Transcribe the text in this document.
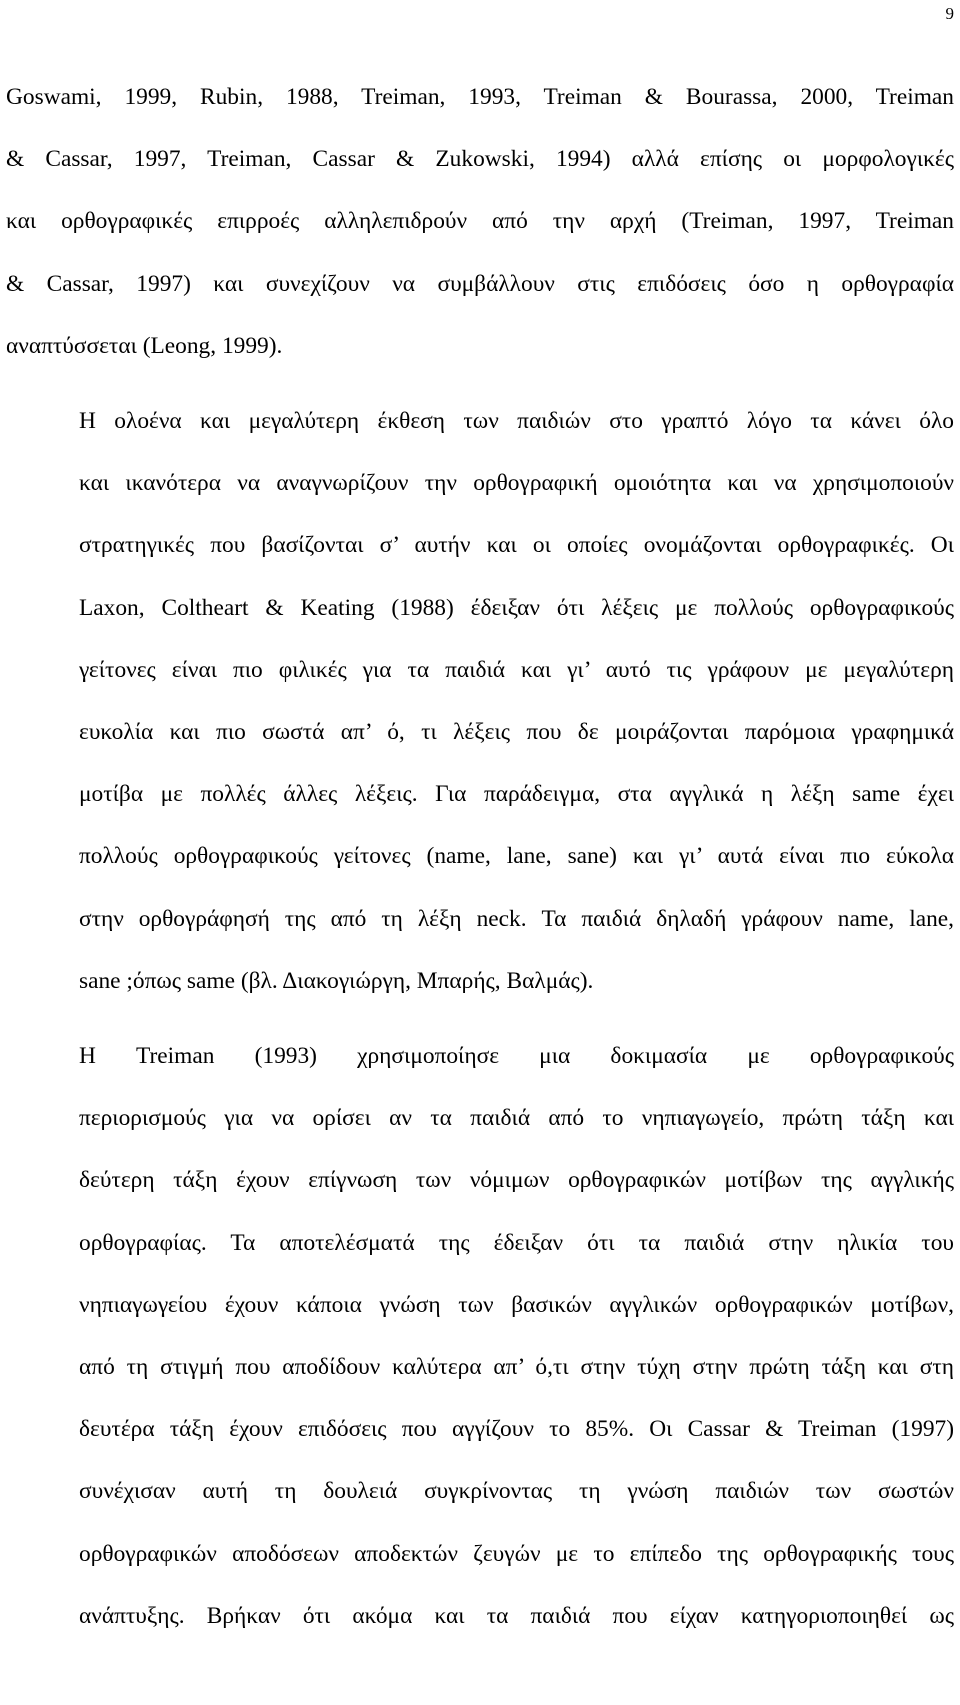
9

Goswami, 1999, Rubin, 1988, Treiman, 1993, Treiman & Bourassa, 2000, Treiman
& Cassar, 1997, Treiman, Cassar & Zukowski, 1994) αλλά επίσης οι μορφολογικές
και ορθογραφικές επιρροές αλληλεπιδρούν από την αρχή (Treiman, 1997, Treiman
& Cassar, 1997) και συνεχίζουν να συμβάλλουν στις επιδόσεις όσο η ορθογραφία
αναπτύσσεται (Leong, 1999).

Η ολοένα και μεγαλύτερη έκθεση των παιδιών στο γραπτό λόγο τα κάνει όλο
και ικανότερα να αναγνωρίζουν την ορθογραφική ομοιότητα και να χρησιμοποιούν
στρατηγικές που βασίζονται σ’ αυτήν και οι οποίες ονομάζονται ορθογραφικές. Οι
Laxon, Coltheart & Keating (1988) έδειξαν ότι λέξεις με πολλούς ορθογραφικούς
γείτονες είναι πιο φιλικές για τα παιδιά και γι’ αυτό τις γράφουν με μεγαλύτερη
ευκολία και πιο σωστά απ’ ό, τι λέξεις που δε μοιράζονται παρόμοια γραφημικά
μοτίβα με πολλές άλλες λέξεις. Για παράδειγμα, στα αγγλικά η λέξη same έχει
πολλούς ορθογραφικούς γείτονες (name, lane, sane) και γι’ αυτά είναι πιο εύκολα
στην ορθογράφησή της από τη λέξη neck. Τα παιδιά δηλαδή γράφουν name, lane,
sane ;όπως same (βλ. Διακογιώργη, Μπαρής, Βαλμάς).

Η Treiman (1993) χρησιμοποίησε μια δοκιμασία με ορθογραφικούς
περιορισμούς για να ορίσει αν τα παιδιά από το νηπιαγωγείο, πρώτη τάξη και
δεύτερη τάξη έχουν επίγνωση των νόμιμων ορθογραφικών μοτίβων της αγγλικής
ορθογραφίας. Τα αποτελέσματά της έδειξαν ότι τα παιδιά στην ηλικία του
νηπιαγωγείου έχουν κάποια γνώση των βασικών αγγλικών ορθογραφικών μοτίβων,
από τη στιγμή που αποδίδουν καλύτερα απ’ ό,τι στην τύχη στην πρώτη τάξη και στη
δευτέρα τάξη έχουν επιδόσεις που αγγίζουν το 85%. Οι Cassar & Treiman (1997)
συνέχισαν αυτή τη δουλειά συγκρίνοντας τη γνώση παιδιών των σωστών
ορθογραφικών αποδόσεων αποδεκτών ζευγών με το επίπεδο της ορθογραφικής τους
ανάπτυξης. Βρήκαν ότι ακόμα και τα παιδιά που είχαν κατηγοριοποιηθεί ως
